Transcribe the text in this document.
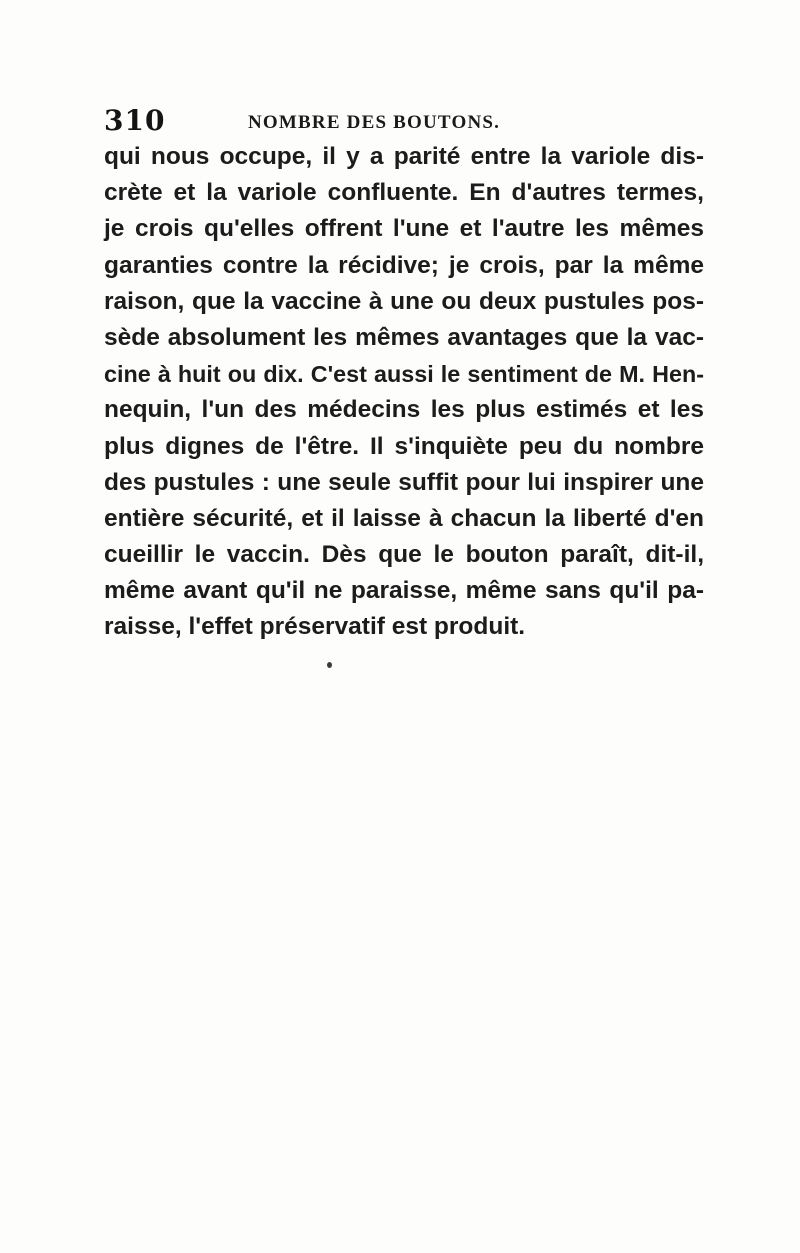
310	NOMBRE DES BOUTONS.
qui nous occupe, il y a parité entre la variole dis-
crète et la variole confluente. En d'autres termes,
je crois qu'elles offrent l'une et l'autre les mêmes
garanties contre la récidive; je crois, par la même
raison, que la vaccine à une ou deux pustules pos-
sède absolument les mêmes avantages que la vac-
cine à huit ou dix. C'est aussi le sentiment de M. Hen-
nequin, l'un des médecins les plus estimés et les
plus dignes de l'être. Il s'inquiète peu du nombre
des pustules : une seule suffit pour lui inspirer une
entière sécurité, et il laisse à chacun la liberté d'en
cueillir le vaccin. Dès que le bouton paraît, dit-il,
même avant qu'il ne paraisse, même sans qu'il pa-
raisse, l'effet préservatif est produit.
